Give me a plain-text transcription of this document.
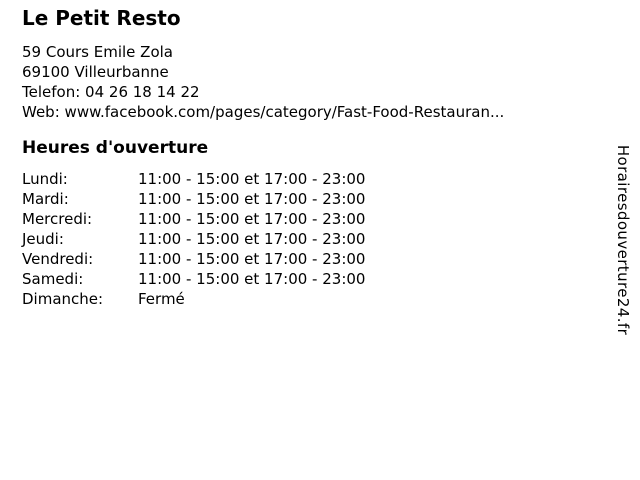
Le Petit Resto
59 Cours Emile Zola
69100 Villeurbanne
Telefon: 04 26 18 14 22
Web: www.facebook.com/pages/category/Fast-Food-Restauran...
Heures d'ouverture
Lundi:	11:00 - 15:00 et 17:00 - 23:00
Mardi:	11:00 - 15:00 et 17:00 - 23:00
Mercredi:	11:00 - 15:00 et 17:00 - 23:00
Jeudi:	11:00 - 15:00 et 17:00 - 23:00
Vendredi:	11:00 - 15:00 et 17:00 - 23:00
Samedi:	11:00 - 15:00 et 17:00 - 23:00
Dimanche:	Fermé	Horairesdouverture24.fr
